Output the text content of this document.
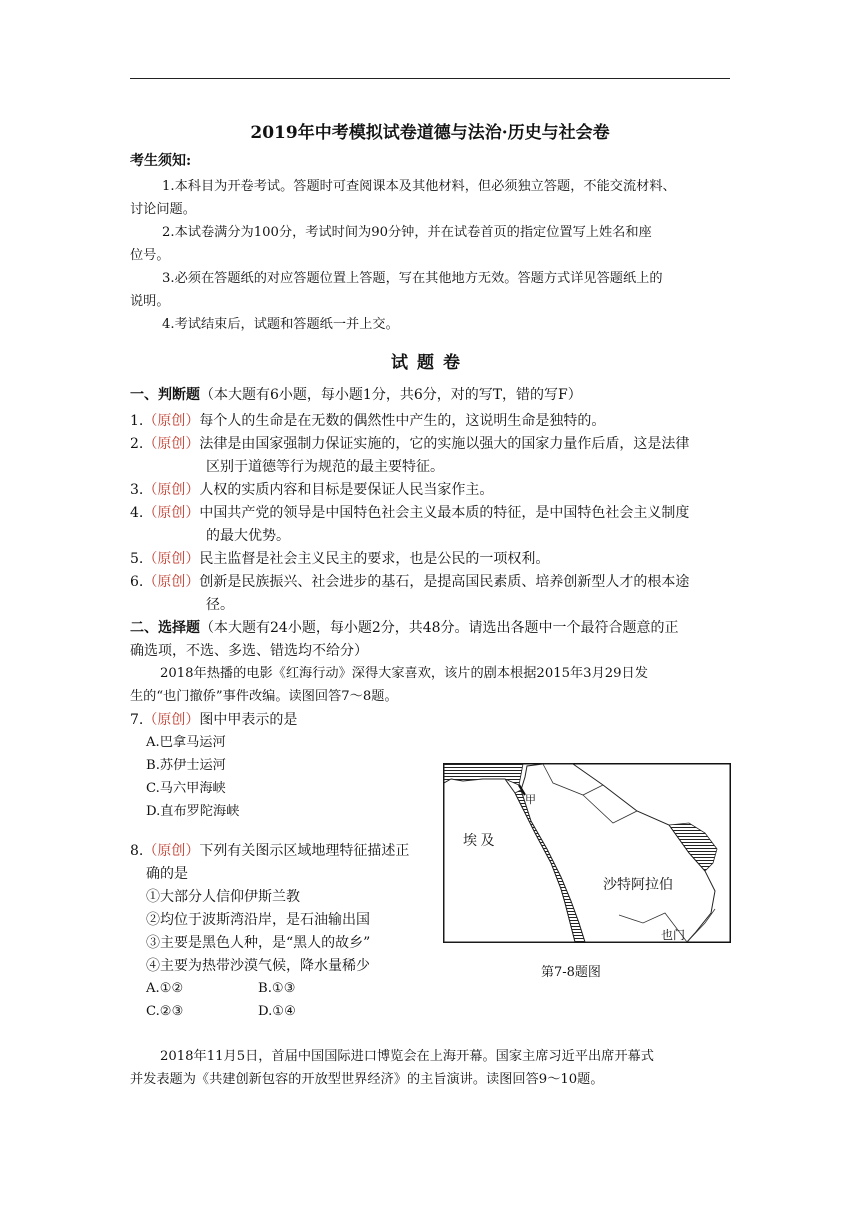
2019年中考模拟试卷道德与法治·历史与社会卷
考生须知:
1.本科目为开卷考试。答题时可查阅课本及其他材料，但必须独立答题，不能交流材料、
讨论问题。
2.本试卷满分为100分，考试时间为90分钟，并在试卷首页的指定位置写上姓名和座
位号。
3.必须在答题纸的对应答题位置上答题，写在其他地方无效。答题方式详见答题纸上的
说明。
4.考试结束后，试题和答题纸一并上交。
试题卷
一、判断题（本大题有6小题，每小题1分，共6分，对的写T，错的写F）
1.（原创）每个人的生命是在无数的偶然性中产生的，这说明生命是独特的。
2.（原创）法律是由国家强制力保证实施的，它的实施以强大的国家力量作后盾，这是法律
区别于道德等行为规范的最主要特征。
3.（原创）人权的实质内容和目标是要保证人民当家作主。
4.（原创）中国共产党的领导是中国特色社会主义最本质的特征，是中国特色社会主义制度
的最大优势。
5.（原创）民主监督是社会主义民主的要求，也是公民的一项权利。
6.（原创）创新是民族振兴、社会进步的基石，是提高国民素质、培养创新型人才的根本途
径。
二、选择题（本大题有24小题，每小题2分，共48分。请选出各题中一个最符合题意的正
确选项，不选、多选、错选均不给分）
2018年热播的电影《红海行动》深得大家喜欢，该片的剧本根据2015年3月29日发
生的“也门撤侨”事件改编。读图回答7～8题。
7.（原创）图中甲表示的是
A.巴拿马运河
B.苏伊士运河
C.马六甲海峡
D.直布罗陀海峡
8.（原创）下列有关图示区域地理特征描述正
确的是
①大部分人信仰伊斯兰教
②均位于波斯湾沿岸，是石油输出国
③主要是黑色人种，是“黑人的故乡”
④主要为热带沙漠气候，降水量稀少
A.①②	B.①③
C.②③	D.①④
甲
埃 及
沙特阿拉伯
也门
第7-8题图
2018年11月5日，首届中国国际进口博览会在上海开幕。国家主席习近平出席开幕式
并发表题为《共建创新包容的开放型世界经济》的主旨演讲。读图回答9～10题。
